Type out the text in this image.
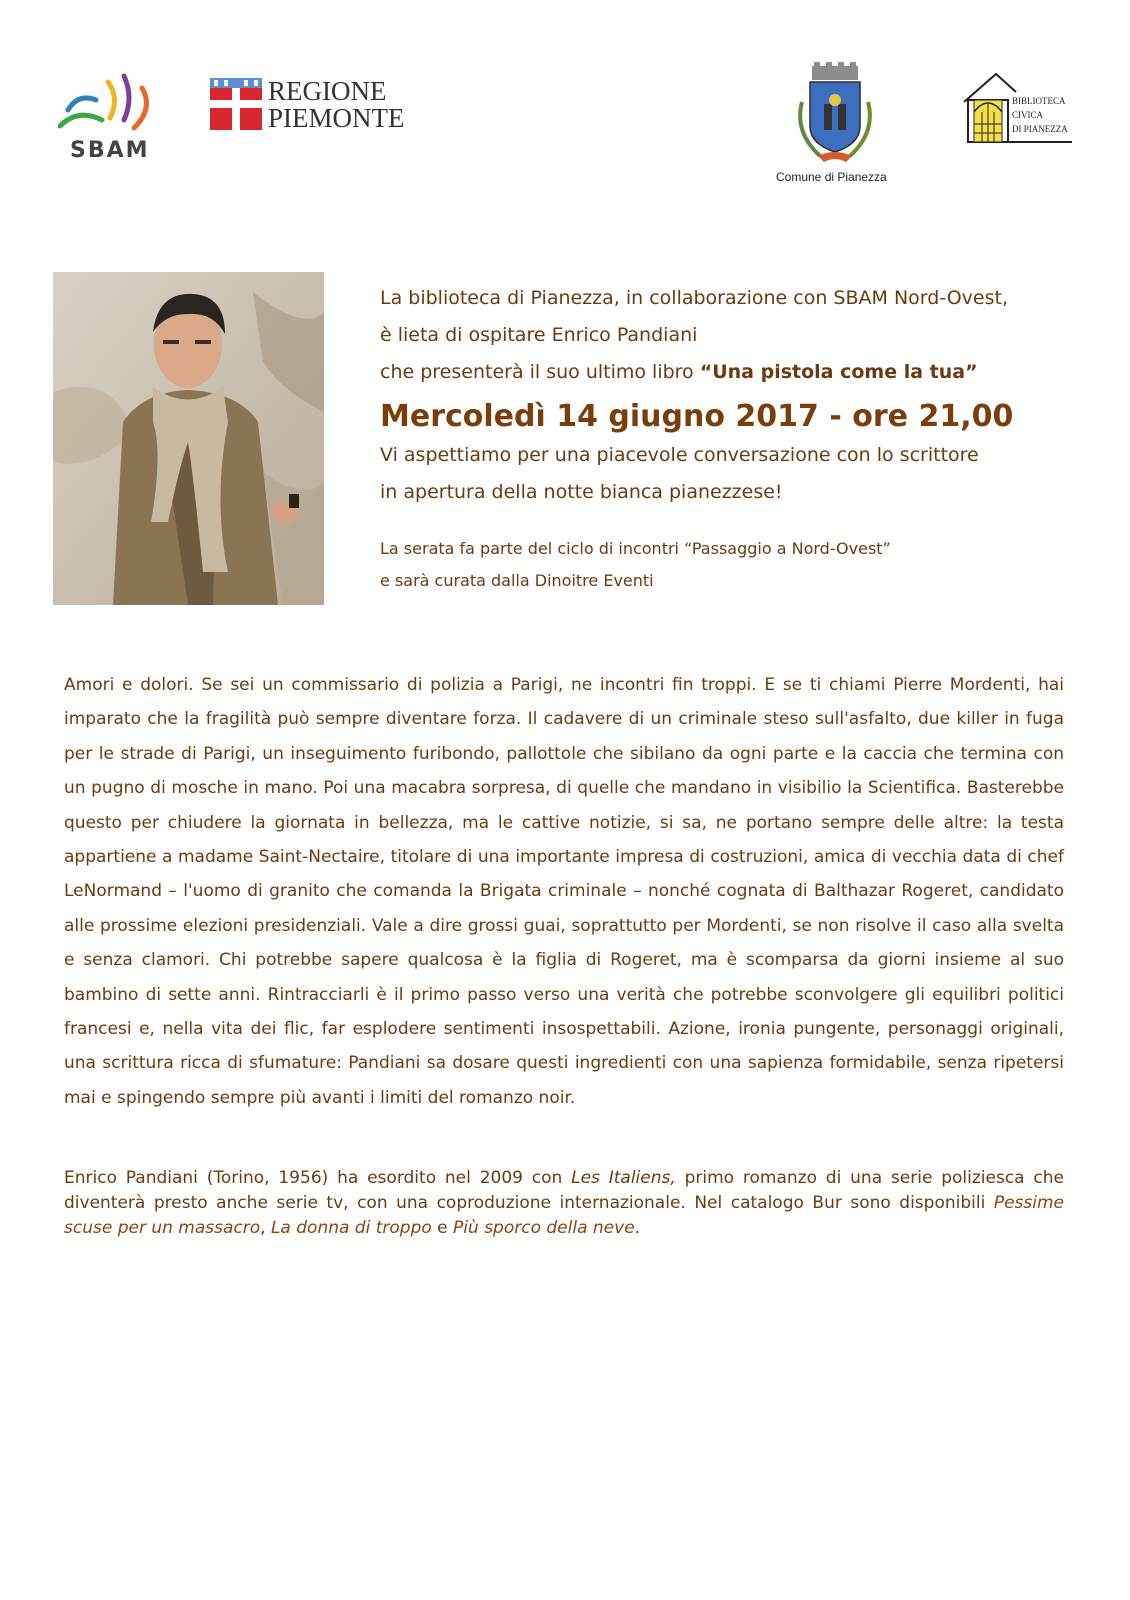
SBAM
REGIONE
PIEMONTE
Comune di Pianezza
BIBLIOTECA
CIVICA
DI PIANEZZA
La biblioteca di Pianezza, in collaborazione con SBAM Nord-Ovest,
è lieta di ospitare Enrico Pandiani
che presenterà il suo ultimo libro “Una pistola come la tua”
Mercoledì 14 giugno 2017 - ore 21,00
Vi aspettiamo per una piacevole conversazione con lo scrittore
in apertura della notte bianca pianezzese!
La serata fa parte del ciclo di incontri “Passaggio a Nord-Ovest”
e sarà curata dalla Dinoitre Eventi
Amori e dolori. Se sei un commissario di polizia a Parigi, ne incontri fin troppi. E se ti chiami Pierre Mordenti, hai imparato che la fragilità può sempre diventare forza. Il cadavere di un criminale steso sull'asfalto, due killer in fuga per le strade di Parigi, un inseguimento furibondo, pallottole che sibilano da ogni parte e la caccia che termina con un pugno di mosche in mano. Poi una macabra sorpresa, di quelle che mandano in visibilio la Scientifica. Basterebbe questo per chiudere la giornata in bellezza, ma le cattive notizie, si sa, ne portano sempre delle altre: la testa appartiene a madame Saint-Nectaire, titolare di una importante impresa di costruzioni, amica di vecchia data di chef LeNormand – l'uomo di granito che comanda la Brigata criminale – nonché cognata di Balthazar Rogeret, candidato alle prossime elezioni presidenziali. Vale a dire grossi guai, soprattutto per Mordenti, se non risolve il caso alla svelta e senza clamori. Chi potrebbe sapere qualcosa è la figlia di Rogeret, ma è scomparsa da giorni insieme al suo bambino di sette anni. Rintracciarli è il primo passo verso una verità che potrebbe sconvolgere gli equilibri politici francesi e, nella vita dei flic, far esplodere sentimenti insospettabili. Azione, ironia pungente, personaggi originali, una scrittura ricca di sfumature: Pandiani sa dosare questi ingredienti con una sapienza formidabile, senza ripetersi mai e spingendo sempre più avanti i limiti del romanzo noir.
Enrico Pandiani (Torino, 1956) ha esordito nel 2009 con Les Italiens, primo romanzo di una serie poliziesca che diventerà presto anche serie tv, con una coproduzione internazionale. Nel catalogo Bur sono disponibili Pessime scuse per un massacro, La donna di troppo e Più sporco della neve.
